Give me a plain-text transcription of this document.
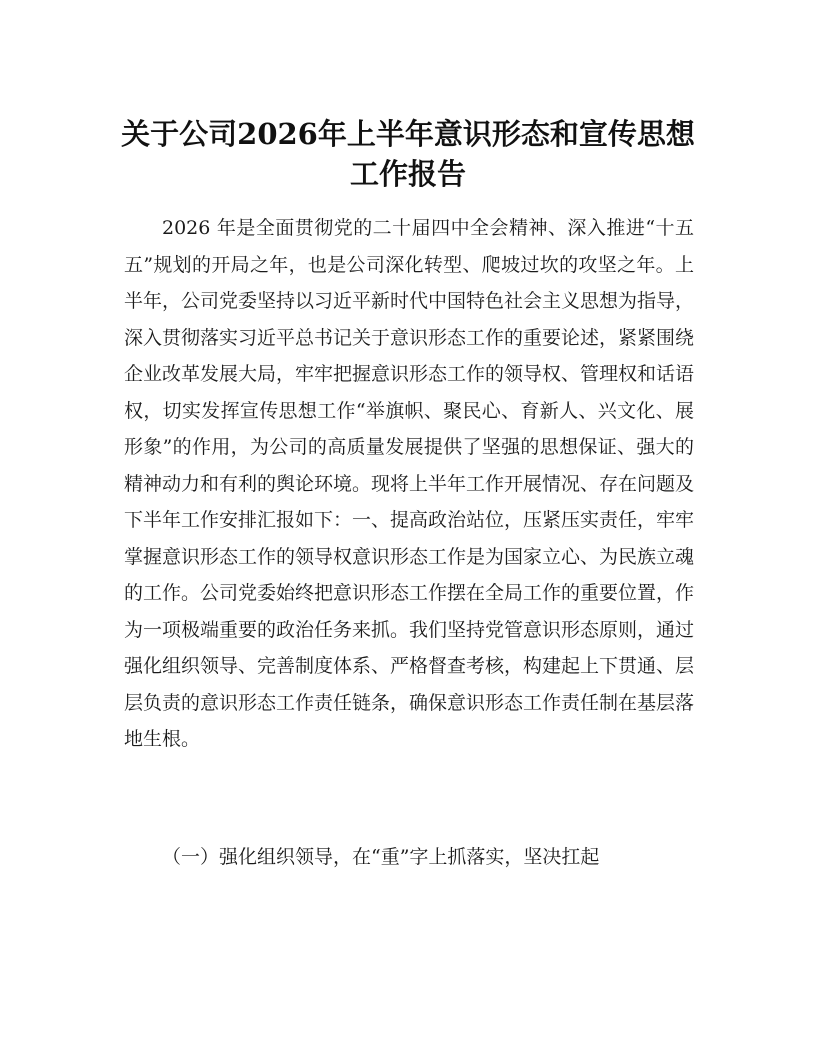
关于公司2026年上半年意识形态和宣传思想
工作报告

2026 年是全面贯彻党的二十届四中全会精神、深入推进“十五五”规划的开局之年，也是公司深化转型、爬坡过坎的攻坚之年。上半年，公司党委坚持以习近平新时代中国特色社会主义思想为指导，深入贯彻落实习近平总书记关于意识形态工作的重要论述，紧紧围绕企业改革发展大局，牢牢把握意识形态工作的领导权、管理权和话语权，切实发挥宣传思想工作“举旗帜、聚民心、育新人、兴文化、展形象”的作用，为公司的高质量发展提供了坚强的思想保证、强大的精神动力和有利的舆论环境。现将上半年工作开展情况、存在问题及下半年工作安排汇报如下：一、提高政治站位，压紧压实责任，牢牢掌握意识形态工作的领导权意识形态工作是为国家立心、为民族立魂的工作。公司党委始终把意识形态工作摆在全局工作的重要位置，作为一项极端重要的政治任务来抓。我们坚持党管意识形态原则，通过强化组织领导、完善制度体系、严格督查考核，构建起上下贯通、层层负责的意识形态工作责任链条，确保意识形态工作责任制在基层落地生根。

（一）强化组织领导，在“重”字上抓落实，坚决扛起
